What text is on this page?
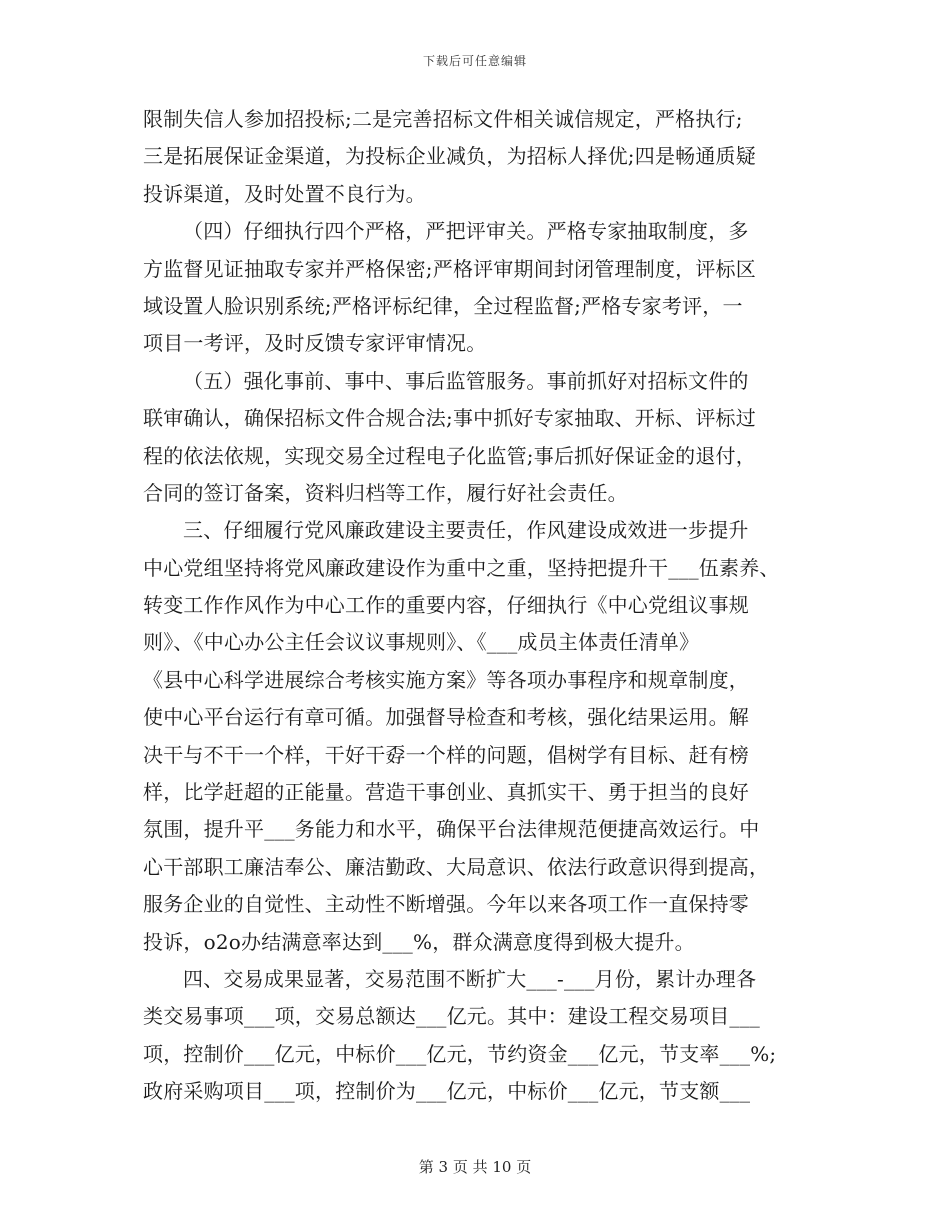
下载后可任意编辑
限制失信人参加招投标;二是完善招标文件相关诚信规定，严格执行;
三是拓展保证金渠道，为投标企业减负，为招标人择优;四是畅通质疑
投诉渠道，及时处置不良行为。
（四）仔细执行四个严格，严把评审关。严格专家抽取制度，多
方监督见证抽取专家并严格保密;严格评审期间封闭管理制度，评标区
域设置人脸识别系统;严格评标纪律，全过程监督;严格专家考评，一
项目一考评，及时反馈专家评审情况。
（五）强化事前、事中、事后监管服务。事前抓好对招标文件的
联审确认，确保招标文件合规合法;事中抓好专家抽取、开标、评标过
程的依法依规，实现交易全过程电子化监管;事后抓好保证金的退付，
合同的签订备案，资料归档等工作，履行好社会责任。
三、仔细履行党风廉政建设主要责任，作风建设成效进一步提升
中心党组坚持将党风廉政建设作为重中之重，坚持把提升干___伍素养、
转变工作作风作为中心工作的重要内容，仔细执行《中心党组议事规
则》、《中心办公主任会议议事规则》、《___成员主体责任清单》
《县中心科学进展综合考核实施方案》等各项办事程序和规章制度，
使中心平台运行有章可循。加强督导检查和考核，强化结果运用。解
决干与不干一个样，干好干孬一个样的问题，倡树学有目标、赶有榜
样，比学赶超的正能量。营造干事创业、真抓实干、勇于担当的良好
氛围，提升平___务能力和水平，确保平台法律规范便捷高效运行。中
心干部职工廉洁奉公、廉洁勤政、大局意识、依法行政意识得到提高，
服务企业的自觉性、主动性不断增强。今年以来各项工作一直保持零
投诉，o2o办结满意率达到___%，群众满意度得到极大提升。
四、交易成果显著，交易范围不断扩大___-___月份，累计办理各
类交易事项___项，交易总额达___亿元。其中：建设工程交易项目___
项，控制价___亿元，中标价___亿元，节约资金___亿元，节支率___%;
政府采购项目___项，控制价为___亿元，中标价___亿元，节支额___
第 3 页 共 10 页
